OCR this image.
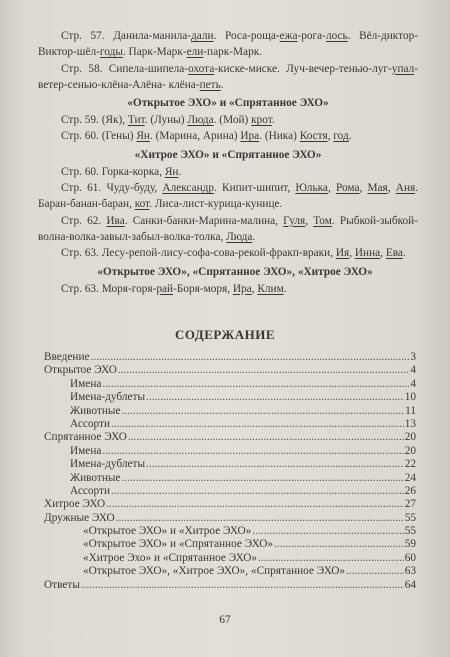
Стр. 57. Данила-манила-дали. Роса-роща-ежа-рога-лось. Вёл-диктор-Виктор-шёл-годы. Парк-Марк-ели-парк-Марк.

Стр. 58. Сипела-шипела-охота-киске-миске. Луч-вечер-тенью-луг-упал-ветер-сенью-клёна-Алёна- клёна-петь.

«Открытое ЭХО» и «Спрятанное ЭХО»

Стр. 59. (Як), Тит. (Луны) Люда. (Мой) крот.

Стр. 60. (Гены) Ян. (Марина, Арина) Ира. (Ника) Костя, год.

«Хитрое ЭХО» и «Спрятанное ЭХО»

Стр. 60. Горка-корка, Ян.

Стр. 61. Чуду-буду, Александр. Кипит-шипит, Юлька, Рома, Мая, Аня. Баран-банан-баран, кот. Лиса-лист-курица-кунице.

Стр. 62. Ива. Санки-банки-Марина-малина, Гуля, Том. Рыбкой-зыбкой-волна-волка-завыл-забыл-волка-толка, Люда.

Стр. 63. Лесу-репой-лису-софа-сова-рекой-фракп-враки, Ия, Инна, Ева.

«Открытое ЭХО», «Спрятанное ЭХО», «Хитрое ЭХО»

Стр. 63. Моря-горя-рай-Боря-моря, Ира, Клим.

СОДЕРЖАНИЕ
Введение .....	3
Открытое ЭХО .....	4
Имена .....	4
Имена-дублеты .....	10
Животные .....	11
Ассорти .....	13
Спрятанное ЭХО .....	20
Имена .....	20
Имена-дублеты .....	22
Животные .....	24
Ассорти .....	26
Хитрое ЭХО .....	27
Дружные ЭХО .....	55
«Открытое ЭХО» и «Хитрое ЭХО» .....	55
«Открытое ЭХО» и «Спрятанное ЭХО» .....	59
«Хитрое Эхо» и «Спрятанное ЭХО» .....	60
«Открытое ЭХО», «Хитрое ЭХО», «Спрятанное ЭХО» .....	63
Ответы .....	64
67
